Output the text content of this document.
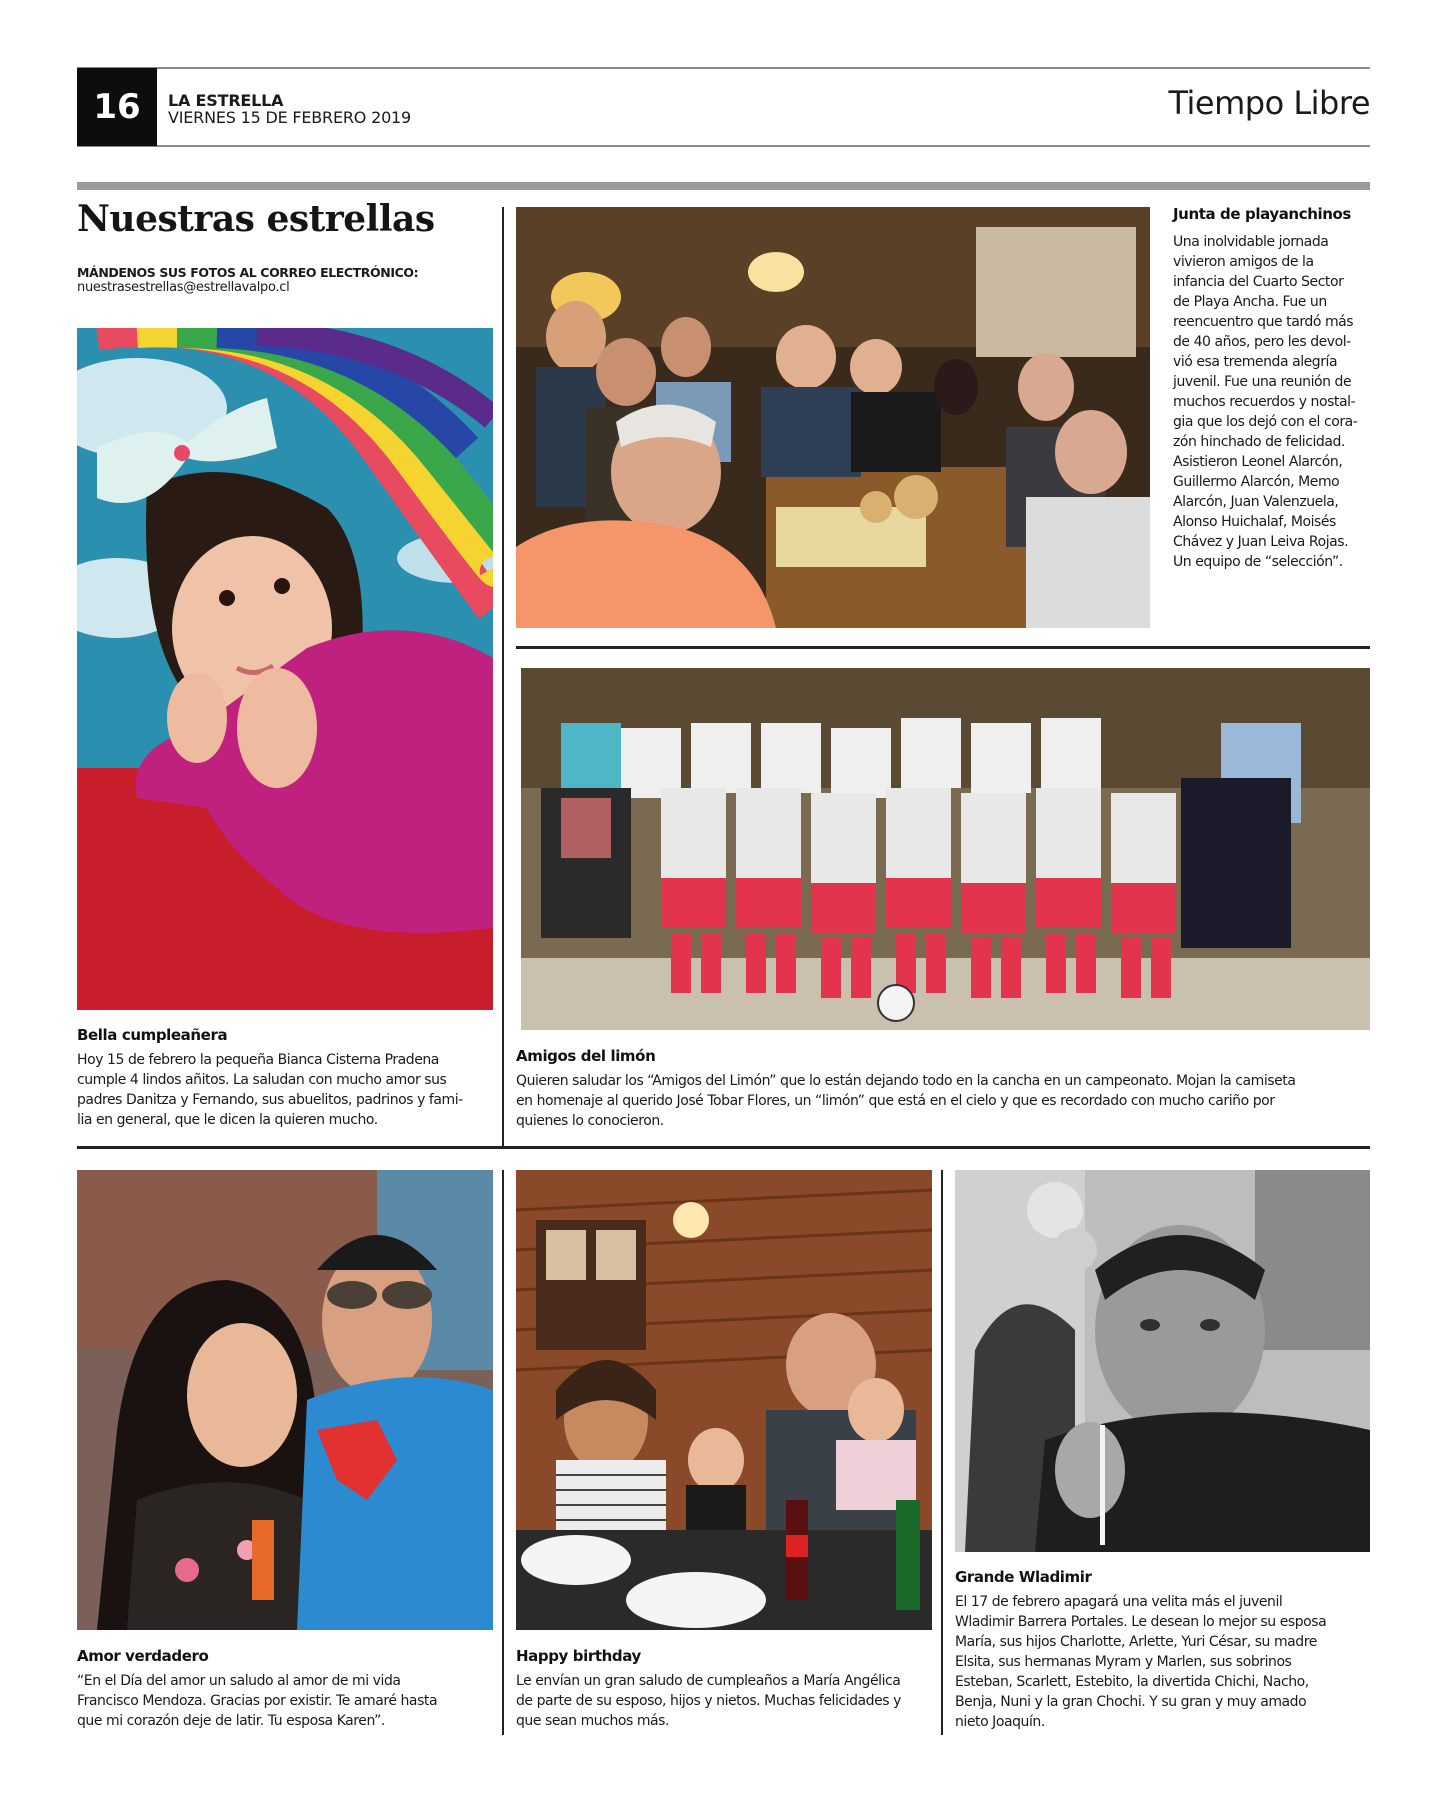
16	LA ESTRELLA
VIERNES 15 DE FEBRERO 2019	Tiempo Libre
Nuestras estrellas
MÁNDENOS SUS FOTOS AL CORREO ELECTRÓNICO:
nuestrasestrellas@estrellavalpo.cl
Bella cumpleañera
Hoy 15 de febrero la pequeña Bianca Cisterna Pradena
cumple 4 lindos añitos. La saludan con mucho amor sus
padres Danitza y Fernando, sus abuelitos, padrinos y fami-
lia en general, que le dicen la quieren mucho.
Junta de playanchinos
Una inolvidable jornada
vivieron amigos de la
infancia del Cuarto Sector
de Playa Ancha. Fue un
reencuentro que tardó más
de 40 años, pero les devol-
vió esa tremenda alegría
juvenil. Fue una reunión de
muchos recuerdos y nostal-
gia que los dejó con el cora-
zón hinchado de felicidad.
Asistieron Leonel Alarcón,
Guillermo Alarcón, Memo
Alarcón, Juan Valenzuela,
Alonso Huichalaf, Moisés
Chávez y Juan Leiva Rojas.
Un equipo de “selección”.
Amigos del limón
Quieren saludar los “Amigos del Limón” que lo están dejando todo en la cancha en un campeonato. Mojan la camiseta
en homenaje al querido José Tobar Flores, un “limón” que está en el cielo y que es recordado con mucho cariño por
quienes lo conocieron.
Amor verdadero
“En el Día del amor un saludo al amor de mi vida
Francisco Mendoza. Gracias por existir. Te amaré hasta
que mi corazón deje de latir. Tu esposa Karen”.
Happy birthday
Le envían un gran saludo de cumpleaños a María Angélica
de parte de su esposo, hijos y nietos. Muchas felicidades y
que sean muchos más.
Grande Wladimir
El 17 de febrero apagará una velita más el juvenil
Wladimir Barrera Portales. Le desean lo mejor su esposa
María, sus hijos Charlotte, Arlette, Yuri César, su madre
Elsita, sus hermanas Myram y Marlen, sus sobrinos
Esteban, Scarlett, Estebito, la divertida Chichi, Nacho,
Benja, Nuni y la gran Chochi. Y su gran y muy amado
nieto Joaquín.
